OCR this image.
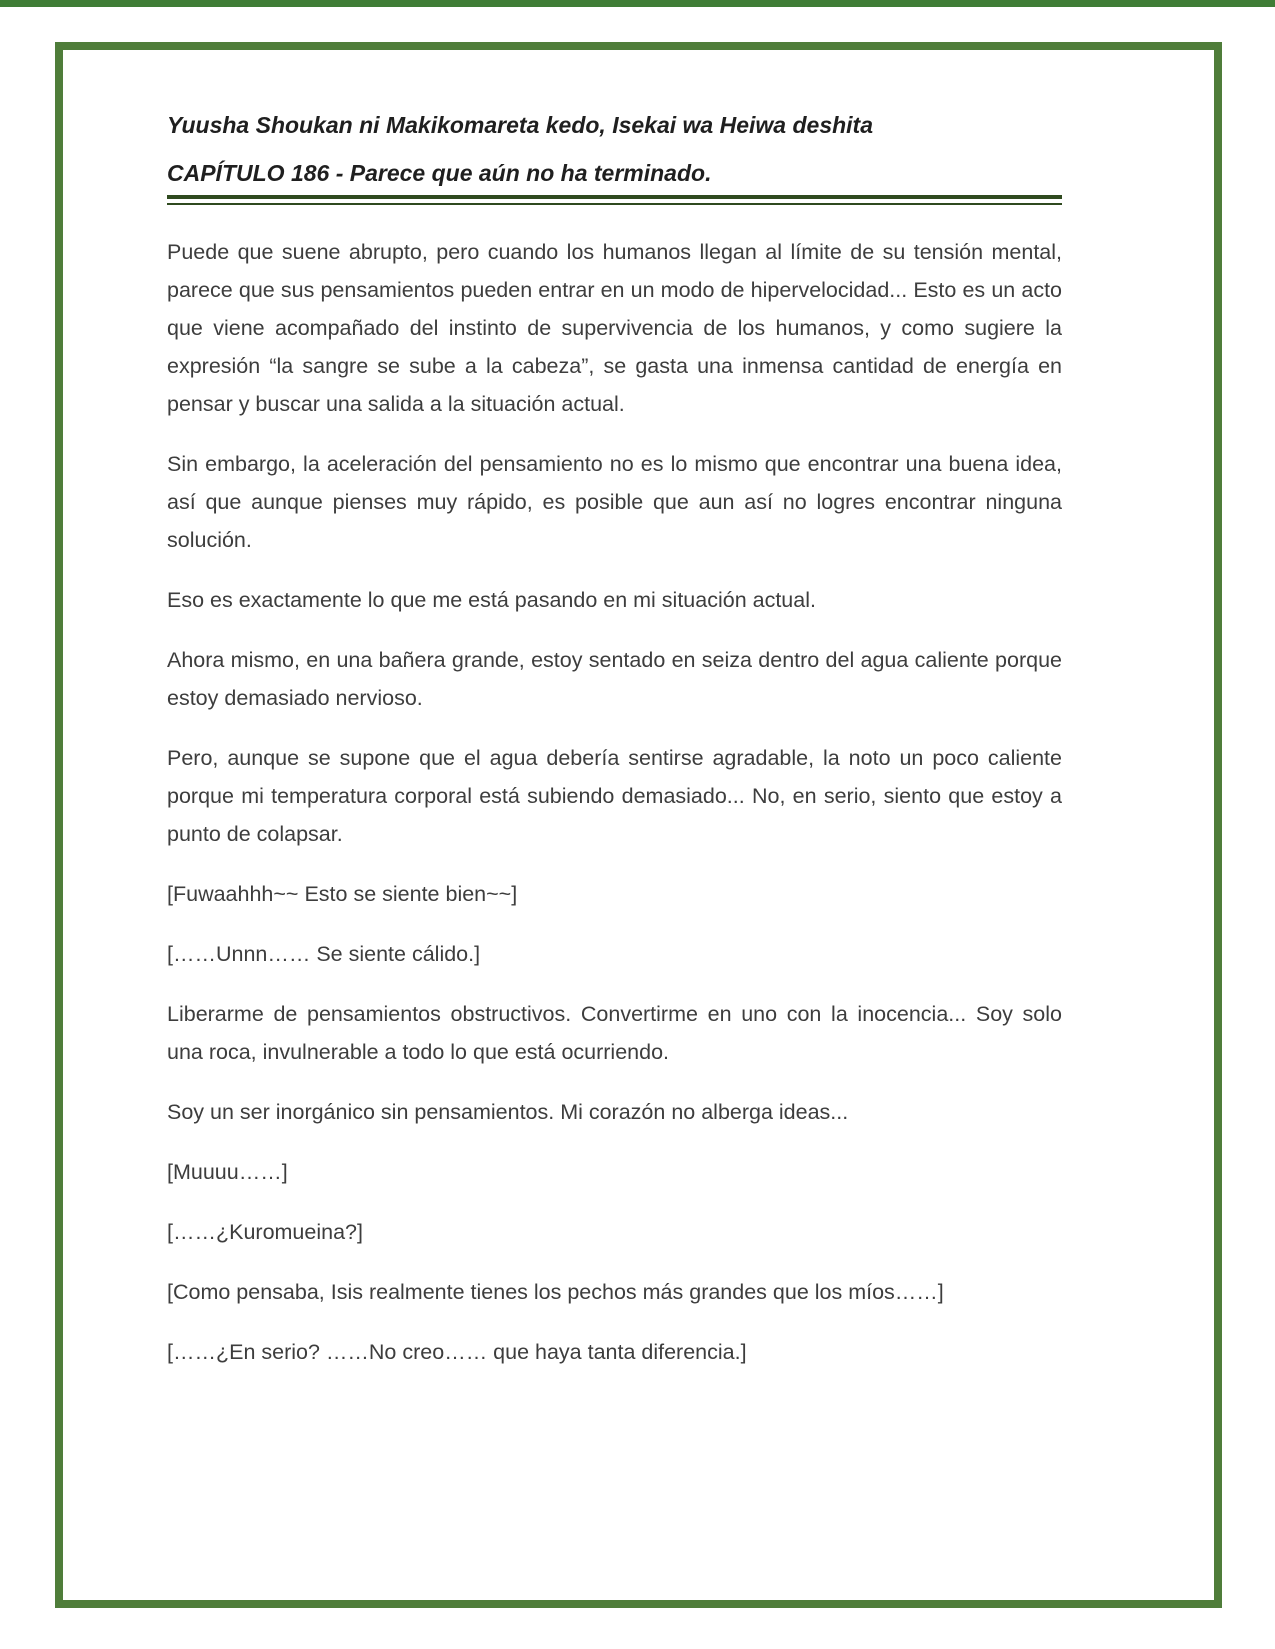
Yuusha Shoukan ni Makikomareta kedo, Isekai wa Heiwa deshita
CAPÍTULO 186 - Parece que aún no ha terminado.

Puede que suene abrupto, pero cuando los humanos llegan al límite de su tensión mental, parece que sus pensamientos pueden entrar en un modo de hipervelocidad... Esto es un acto que viene acompañado del instinto de supervivencia de los humanos, y como sugiere la expresión “la sangre se sube a la cabeza”, se gasta una inmensa cantidad de energía en pensar y buscar una salida a la situación actual.

Sin embargo, la aceleración del pensamiento no es lo mismo que encontrar una buena idea, así que aunque pienses muy rápido, es posible que aun así no logres encontrar ninguna solución.

Eso es exactamente lo que me está pasando en mi situación actual.

Ahora mismo, en una bañera grande, estoy sentado en seiza dentro del agua caliente porque estoy demasiado nervioso.

Pero, aunque se supone que el agua debería sentirse agradable, la noto un poco caliente porque mi temperatura corporal está subiendo demasiado... No, en serio, siento que estoy a punto de colapsar.

[Fuwaahhh~~ Esto se siente bien~~]

[……Unnn…… Se siente cálido.]

Liberarme de pensamientos obstructivos. Convertirme en uno con la inocencia... Soy solo una roca, invulnerable a todo lo que está ocurriendo.

Soy un ser inorgánico sin pensamientos. Mi corazón no alberga ideas...

[Muuuu……]

[……¿Kuromueina?]

[Como pensaba, Isis realmente tienes los pechos más grandes que los míos……]

[……¿En serio? ……No creo…… que haya tanta diferencia.]
